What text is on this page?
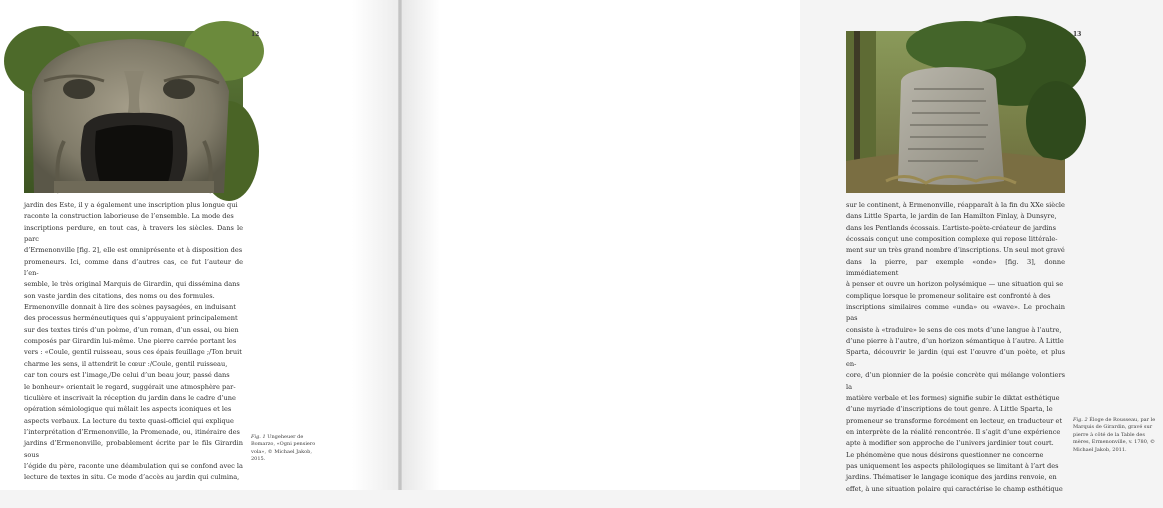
12
jardin des Este, il y a également une inscription plus longue qui
raconte la construction laborieuse de l’ensemble. La mode des
inscriptions perdure, en tout cas, à travers les siècles. Dans le parc
d’Ermenonville [fig. 2], elle est omniprésente et à disposition des
promeneurs. Ici, comme dans d’autres cas, ce fut l’auteur de l’en-
semble, le très original Marquis de Girardin, qui dissémina dans
son vaste jardin des citations, des noms ou des formules.
Ermenonville donnait à lire des scènes paysagées, en induisant
des processus herméneutiques qui s’appuyaient principalement
sur des textes tirés d’un poème, d’un roman, d’un essai, ou bien
composés par Girardin lui-même. Une pierre carrée portant les
vers : «Coule, gentil ruisseau, sous ces épais feuillage ;/Ton bruit
charme les sens, il attendrit le cœur :/Coule, gentil ruisseau,
car ton cours est l’image,/De celui d’un beau jour, passé dans
le bonheur» orientait le regard, suggérait une atmosphère par-
ticulière et inscrivait la réception du jardin dans le cadre d’une
opération sémiologique qui mêlait les aspects iconiques et les
aspects verbaux. La lecture du texte quasi-officiel qui explique
l’interprétation d’Ermenonville, la Promenade, ou, itinéraire des
jardins d’Ermenonville, probablement écrite par le fils Girardin sous
l’égide du père, raconte une déambulation qui se confond avec la
lecture de textes in situ. Ce mode d’accès au jardin qui culmina,
Fig. 1 Ungeheuer de Bomarzo, «Ogni pensiero vola», © Michael Jakob, 2015.
13
sur le continent, à Ermenonville, réapparaît à la fin du XXe siècle
dans Little Sparta, le jardin de Ian Hamilton Finlay, à Dunsyre,
dans les Pentlands écossais. L’artiste-poète-créateur de jardins
écossais conçut une composition complexe qui repose littérale-
ment sur un très grand nombre d’inscriptions. Un seul mot gravé
dans la pierre, par exemple «onde» [fig. 3], donne immédiatement
à penser et ouvre un horizon polysémique — une situation qui se
complique lorsque le promeneur solitaire est confronté à des
inscriptions similaires comme «unda» ou «wave». Le prochain pas
consiste à «traduire» le sens de ces mots d’une langue à l’autre,
d’une pierre à l’autre, d’un horizon sémantique à l’autre. À Little
Sparta, découvrir le jardin (qui est l’œuvre d’un poète, et plus en-
core, d’un pionnier de la poésie concrète qui mélange volontiers la
matière verbale et les formes) signifie subir le diktat esthétique
d’une myriade d’inscriptions de tout genre. À Little Sparta, le
promeneur se transforme forcément en lecteur, en traducteur et
en interprète de la réalité rencontrée. Il s’agit d’une expérience
apte à modifier son approche de l’univers jardinier tout court.
Le phénomène que nous désirons questionner ne concerne
pas uniquement les aspects philologiques se limitant à l’art des
jardins. Thématiser le langage iconique des jardins renvoie, en
effet, à une situation polaire qui caractérise le champ esthétique
Fig. 2 Éloge de Rousseau, par le Marquis de Girardin, gravé sur pierre à côté de la Table des mères, Ermenonville, v. 1780, © Michael Jakob, 2011.
